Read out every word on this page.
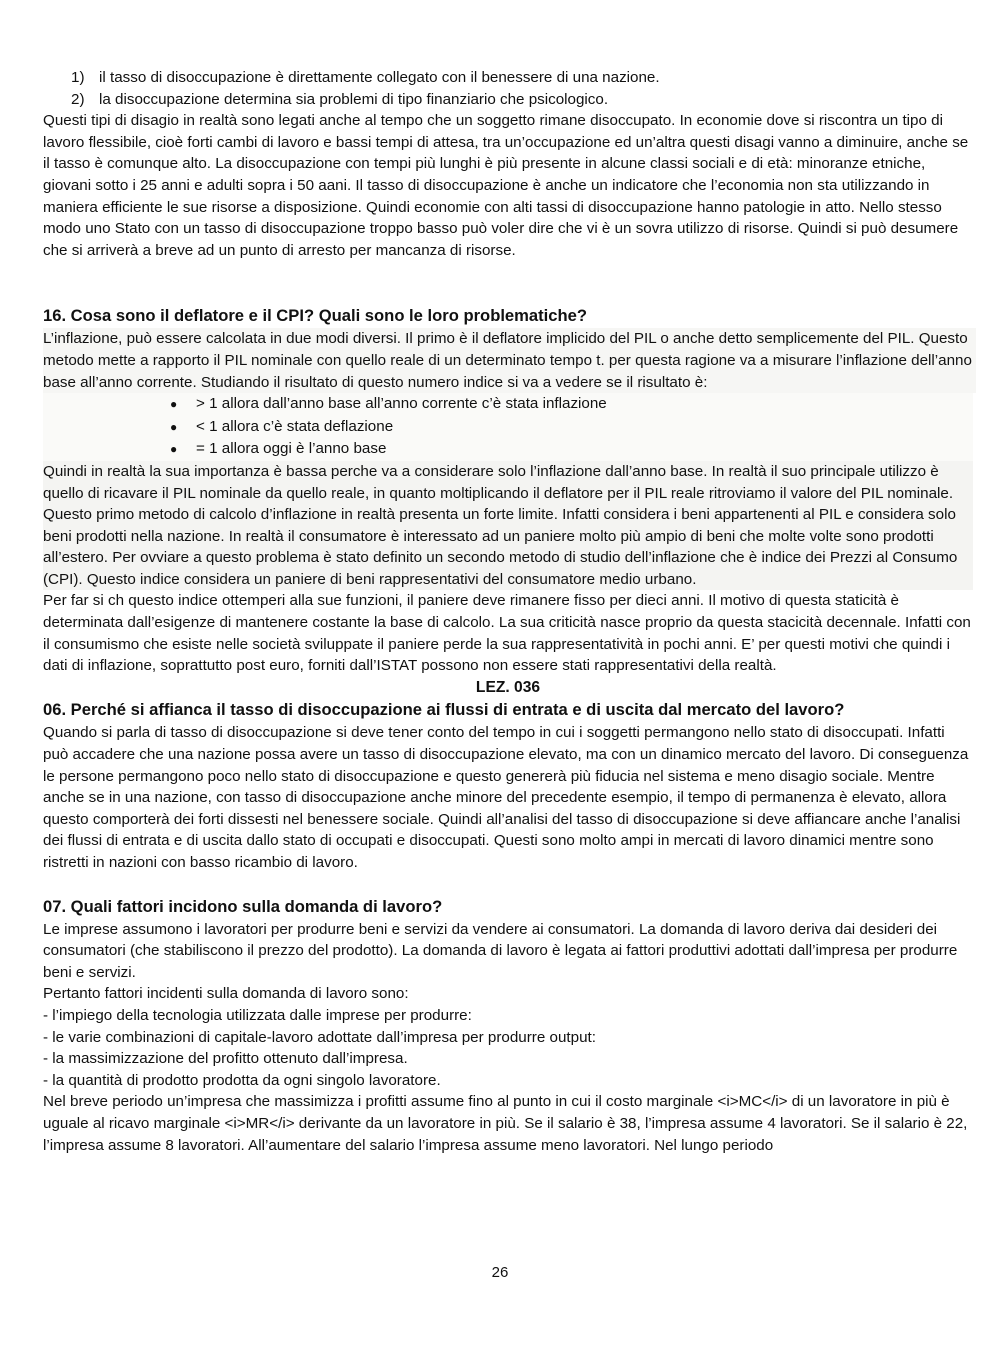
1) il tasso di disoccupazione è direttamente collegato con il benessere di una nazione.
2) la disoccupazione determina sia problemi di tipo finanziario che psicologico.

Questi tipi di disagio in realtà sono legati anche al tempo che un soggetto rimane disoccupato. In economie dove si riscontra un tipo di lavoro flessibile, cioè forti cambi di lavoro e bassi tempi di attesa, tra un’occupazione ed un’altra questi disagi vanno a diminuire, anche se il tasso è comunque alto. La disoccupazione con tempi più lunghi è più presente in alcune classi sociali e di età: minoranze etniche, giovani sotto i 25 anni e adulti sopra i 50 aani. Il tasso di disoccupazione è anche un indicatore che l’economia non sta utilizzando in maniera efficiente le sue risorse a disposizione. Quindi economie con alti tassi di disoccupazione hanno patologie in atto. Nello stesso modo uno Stato con un tasso di disoccupazione troppo basso può voler dire che vi è un sovra utilizzo di risorse. Quindi si può desumere che si arriverà a breve ad un punto di arresto per mancanza di risorse.

16. Cosa sono il deflatore e il CPI? Quali sono le loro problematiche?

L’inflazione, può essere calcolata in due modi diversi. Il primo è il deflatore implicido del PIL o anche detto semplicemente del PIL. Questo metodo mette a rapporto il PIL nominale con quello reale di un determinato tempo t. per questa ragione va a misurare l’inflazione dell’anno base all’anno corrente. Studiando il risultato di questo numero indice si va a vedere se il risultato è:

●	> 1 allora dall’anno base all’anno corrente c’è stata inflazione
●	< 1 allora c’è stata deflazione
●	= 1 allora oggi è l’anno base

Quindi in realtà la sua importanza è bassa perche va a considerare solo l’inflazione dall’anno base. In realtà il suo principale utilizzo è quello di ricavare il PIL nominale da quello reale, in quanto moltiplicando il deflatore per il PIL reale ritroviamo il valore del PIL nominale. Questo primo metodo di calcolo d’inflazione in realtà presenta un forte limite. Infatti considera i beni appartenenti al PIL e considera solo beni prodotti nella nazione. In realtà il consumatore è interessato ad un paniere molto più ampio di beni che molte volte sono prodotti all’estero. Per ovviare a questo problema è stato definito un secondo metodo di studio dell’inflazione che è indice dei Prezzi al Consumo (CPI). Questo indice considera un paniere di beni rappresentativi del consumatore medio urbano.

Per far si ch questo indice ottemperi alla sue funzioni, il paniere deve rimanere fisso per dieci anni. Il motivo di questa staticità è determinata dall’esigenze di mantenere costante la base di calcolo. La sua criticità nasce proprio da questa stacicità decennale. Infatti con il consumismo che esiste nelle società sviluppate il paniere perde la sua rappresentatività in pochi anni. E’ per questi motivi che quindi i dati di inflazione, soprattutto post euro, forniti dall’ISTAT possono non essere stati rappresentativi della realtà.

LEZ. 036

06. Perché si affianca il tasso di disoccupazione ai flussi di entrata e di uscita dal mercato del lavoro?

Quando si parla di tasso di disoccupazione si deve tener conto del tempo in cui i soggetti permangono nello stato di disoccupati. Infatti può accadere che una nazione possa avere un tasso di disoccupazione elevato, ma con un dinamico mercato del lavoro. Di conseguenza le persone permangono poco nello stato di disoccupazione e questo genererà più fiducia nel sistema e meno disagio sociale. Mentre anche se in una nazione, con tasso di disoccupazione anche minore del precedente esempio, il tempo di permanenza è elevato, allora questo comporterà dei forti dissesti nel benessere sociale. Quindi all’analisi del tasso di disoccupazione si deve affiancare anche l’analisi dei flussi di entrata e di uscita dallo stato di occupati e disoccupati. Questi sono molto ampi in mercati di lavoro dinamici mentre sono ristretti in nazioni con basso ricambio di lavoro.

07. Quali fattori incidono sulla domanda di lavoro?

Le imprese assumono i lavoratori per produrre beni e servizi da vendere ai consumatori. La domanda di lavoro deriva dai desideri dei consumatori (che stabiliscono il prezzo del prodotto). La domanda di lavoro è legata ai fattori produttivi adottati dall’impresa per produrre beni e servizi.

Pertanto fattori incidenti sulla domanda di lavoro sono:

- l’impiego della tecnologia utilizzata dalle imprese per produrre:

- le varie combinazioni di capitale-lavoro adottate dall’impresa per produrre output:

- la massimizzazione del profitto ottenuto dall’impresa.

- la quantità di prodotto prodotta da ogni singolo lavoratore.

Nel breve periodo un’impresa che massimizza i profitti assume fino al punto in cui il costo marginale <i>MC</i> di un lavoratore in più è uguale al ricavo marginale <i>MR</i> derivante da un lavoratore in più. Se il salario è 38, l’impresa assume 4 lavoratori. Se il salario è 22, l’impresa assume 8 lavoratori. All’aumentare del salario l’impresa assume meno lavoratori. Nel lungo periodo

26
